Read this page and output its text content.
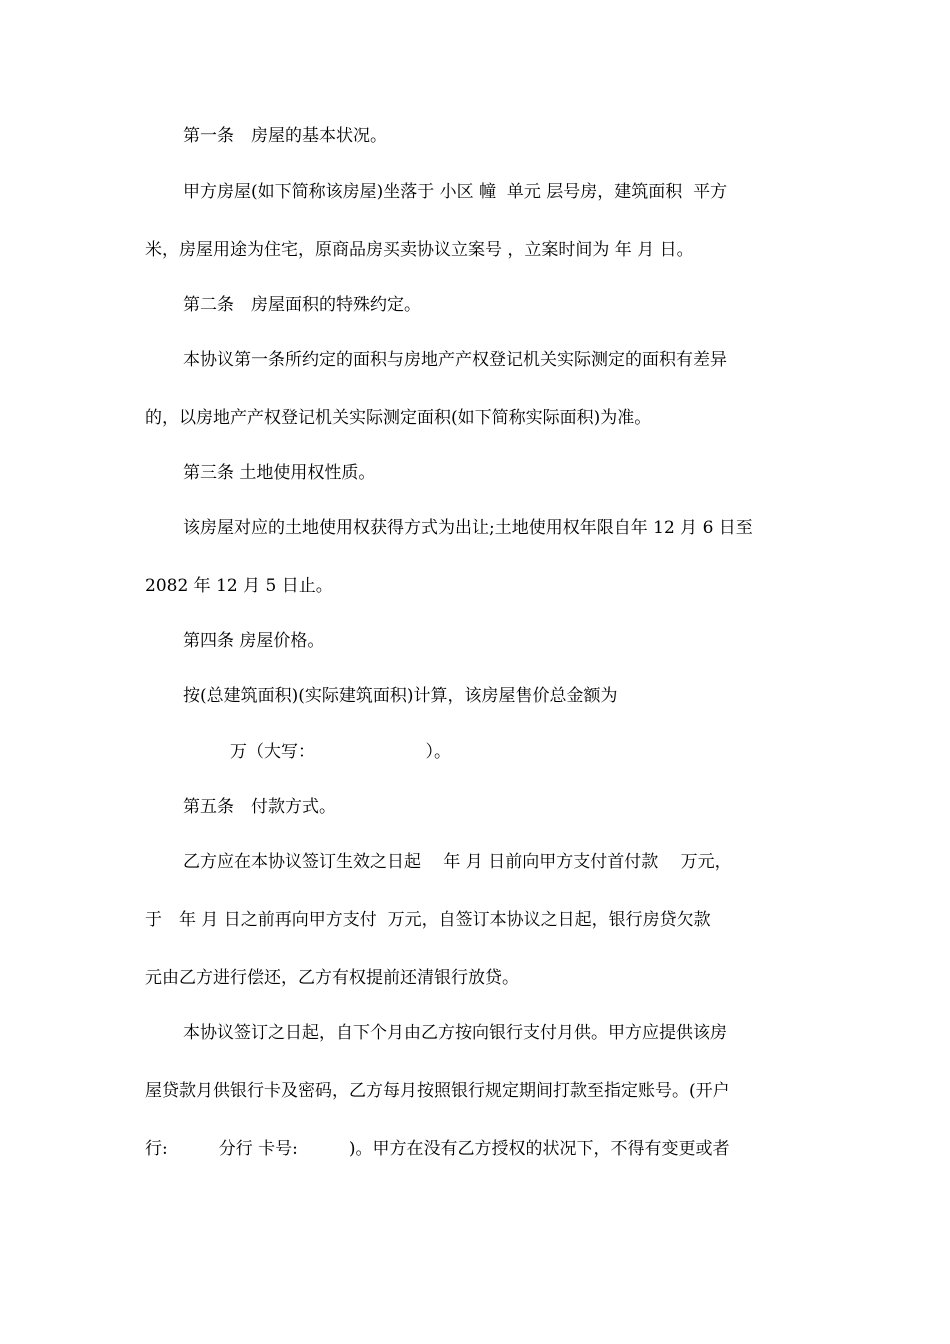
第一条　房屋的基本状况。
甲方房屋(如下简称该房屋)坐落于 小区 幢  单元 层号房，建筑面积  平方
米，房屋用途为住宅，原商品房买卖协议立案号 ，立案时间为 年 月 日。
第二条　房屋面积的特殊约定。
本协议第一条所约定的面积与房地产产权登记机关实际测定的面积有差异
的，以房地产产权登记机关实际测定面积(如下简称实际面积)为准。
第三条 土地使用权性质。
该房屋对应的土地使用权获得方式为出让;土地使用权年限自年 12 月 6 日至
2082 年 12 月 5 日止。
第四条 房屋价格。
按(总建筑面积)(实际建筑面积)计算，该房屋售价总金额为
万（大写：　　　　　　　）。
第五条　付款方式。
乙方应在本协议签订生效之日起　 年 月 日前向甲方支付首付款　 万元，
于　年 月 日之前再向甲方支付  万元，自签订本协议之日起，银行房贷欠款
元由乙方进行偿还，乙方有权提前还清银行放贷。
本协议签订之日起，自下个月由乙方按向银行支付月供。甲方应提供该房
屋贷款月供银行卡及密码，乙方每月按照银行规定期间打款至指定账号。(开户
行:　　　分行 卡号:　　　)。甲方在没有乙方授权的状况下，不得有变更或者
